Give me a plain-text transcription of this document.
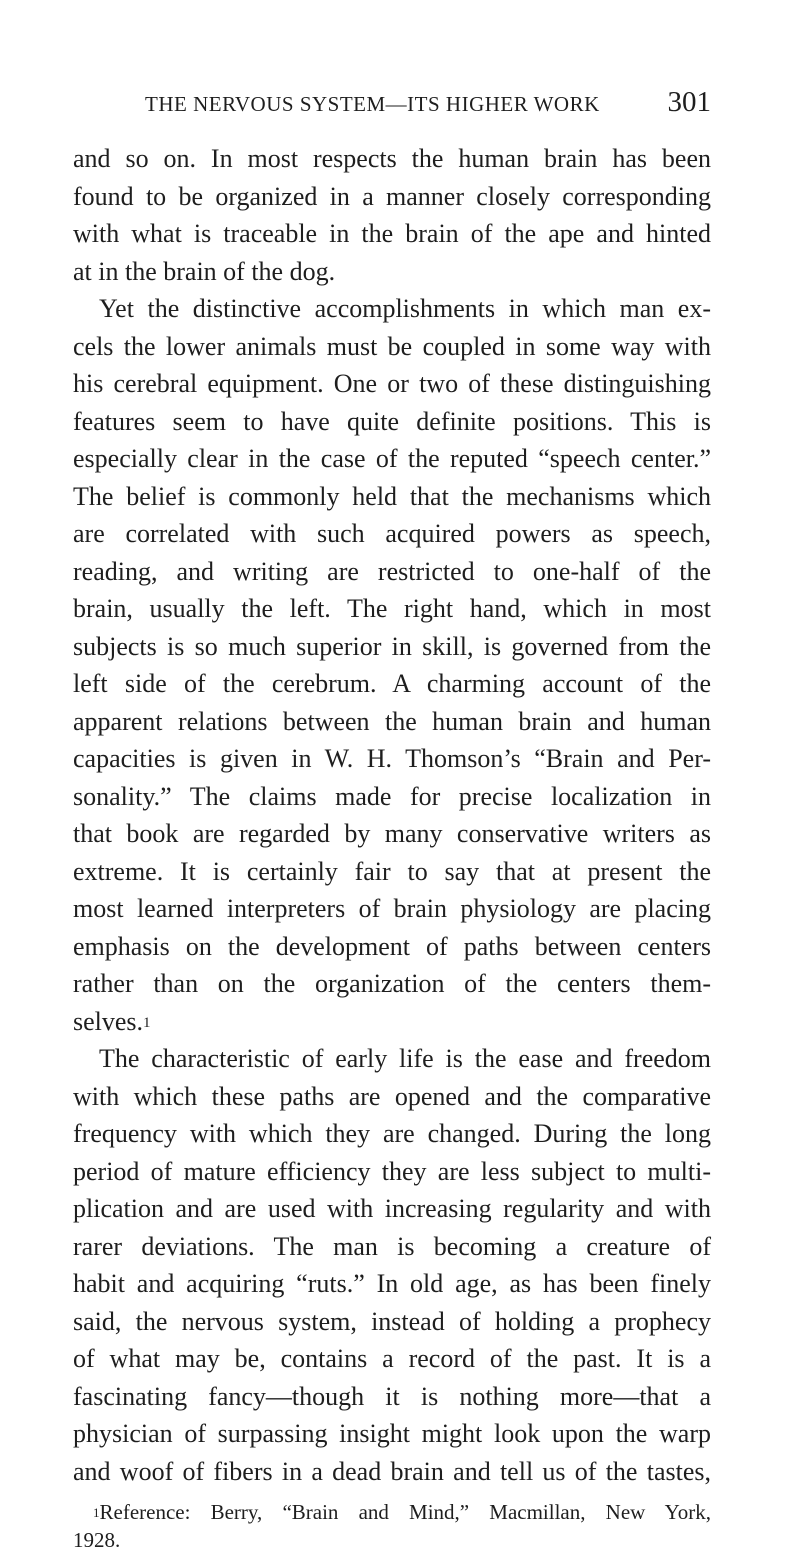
THE NERVOUS SYSTEM—ITS HIGHER WORK 301
and so on. In most respects the human brain has been
found to be organized in a manner closely corresponding
with what is traceable in the brain of the ape and hinted
at in the brain of the dog.
Yet the distinctive accomplishments in which man ex-
cels the lower animals must be coupled in some way with
his cerebral equipment. One or two of these distinguishing
features seem to have quite definite positions. This is
especially clear in the case of the reputed “speech center.”
The belief is commonly held that the mechanisms which
are correlated with such acquired powers as speech,
reading, and writing are restricted to one-half of the
brain, usually the left. The right hand, which in most
subjects is so much superior in skill, is governed from the
left side of the cerebrum. A charming account of the
apparent relations between the human brain and human
capacities is given in W. H. Thomson’s “Brain and Per-
sonality.” The claims made for precise localization in
that book are regarded by many conservative writers as
extreme. It is certainly fair to say that at present the
most learned interpreters of brain physiology are placing
emphasis on the development of paths between centers
rather than on the organization of the centers them-
selves.$^1$
The characteristic of early life is the ease and freedom
with which these paths are opened and the comparative
frequency with which they are changed. During the long
period of mature efficiency they are less subject to multi-
plication and are used with increasing regularity and with
rarer deviations. The man is becoming a creature of
habit and acquiring “ruts.” In old age, as has been finely
said, the nervous system, instead of holding a prophecy
of what may be, contains a record of the past. It is a
fascinating fancy—though it is nothing more—that a
physician of surpassing insight might look upon the warp
and woof of fibers in a dead brain and tell us of the tastes,
$^1$Reference: Berry, “Brain and Mind,” Macmillan, New York,
1928.
